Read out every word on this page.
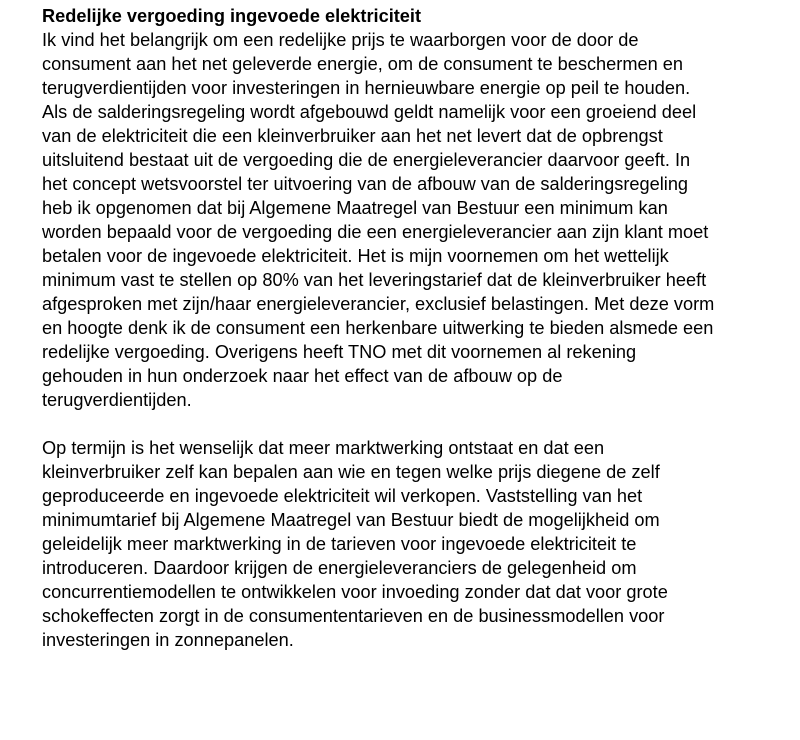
Redelijke vergoeding ingevoede elektriciteit
Ik vind het belangrijk om een redelijke prijs te waarborgen voor de door de
consument aan het net geleverde energie, om de consument te beschermen en
terugverdientijden voor investeringen in hernieuwbare energie op peil te houden.
Als de salderingsregeling wordt afgebouwd geldt namelijk voor een groeiend deel
van de elektriciteit die een kleinverbruiker aan het net levert dat de opbrengst
uitsluitend bestaat uit de vergoeding die de energieleverancier daarvoor geeft. In
het concept wetsvoorstel ter uitvoering van de afbouw van de salderingsregeling
heb ik opgenomen dat bij Algemene Maatregel van Bestuur een minimum kan
worden bepaald voor de vergoeding die een energieleverancier aan zijn klant moet
betalen voor de ingevoede elektriciteit. Het is mijn voornemen om het wettelijk
minimum vast te stellen op 80% van het leveringstarief dat de kleinverbruiker heeft
afgesproken met zijn/haar energieleverancier, exclusief belastingen. Met deze vorm
en hoogte denk ik de consument een herkenbare uitwerking te bieden alsmede een
redelijke vergoeding. Overigens heeft TNO met dit voornemen al rekening
gehouden in hun onderzoek naar het effect van de afbouw op de
terugverdientijden.
Op termijn is het wenselijk dat meer marktwerking ontstaat en dat een
kleinverbruiker zelf kan bepalen aan wie en tegen welke prijs diegene de zelf
geproduceerde en ingevoede elektriciteit wil verkopen. Vaststelling van het
minimumtarief bij Algemene Maatregel van Bestuur biedt de mogelijkheid om
geleidelijk meer marktwerking in de tarieven voor ingevoede elektriciteit te
introduceren. Daardoor krijgen de energieleveranciers de gelegenheid om
concurrentiemodellen te ontwikkelen voor invoeding zonder dat dat voor grote
schokeffecten zorgt in de consumententarieven en de businessmodellen voor
investeringen in zonnepanelen.
